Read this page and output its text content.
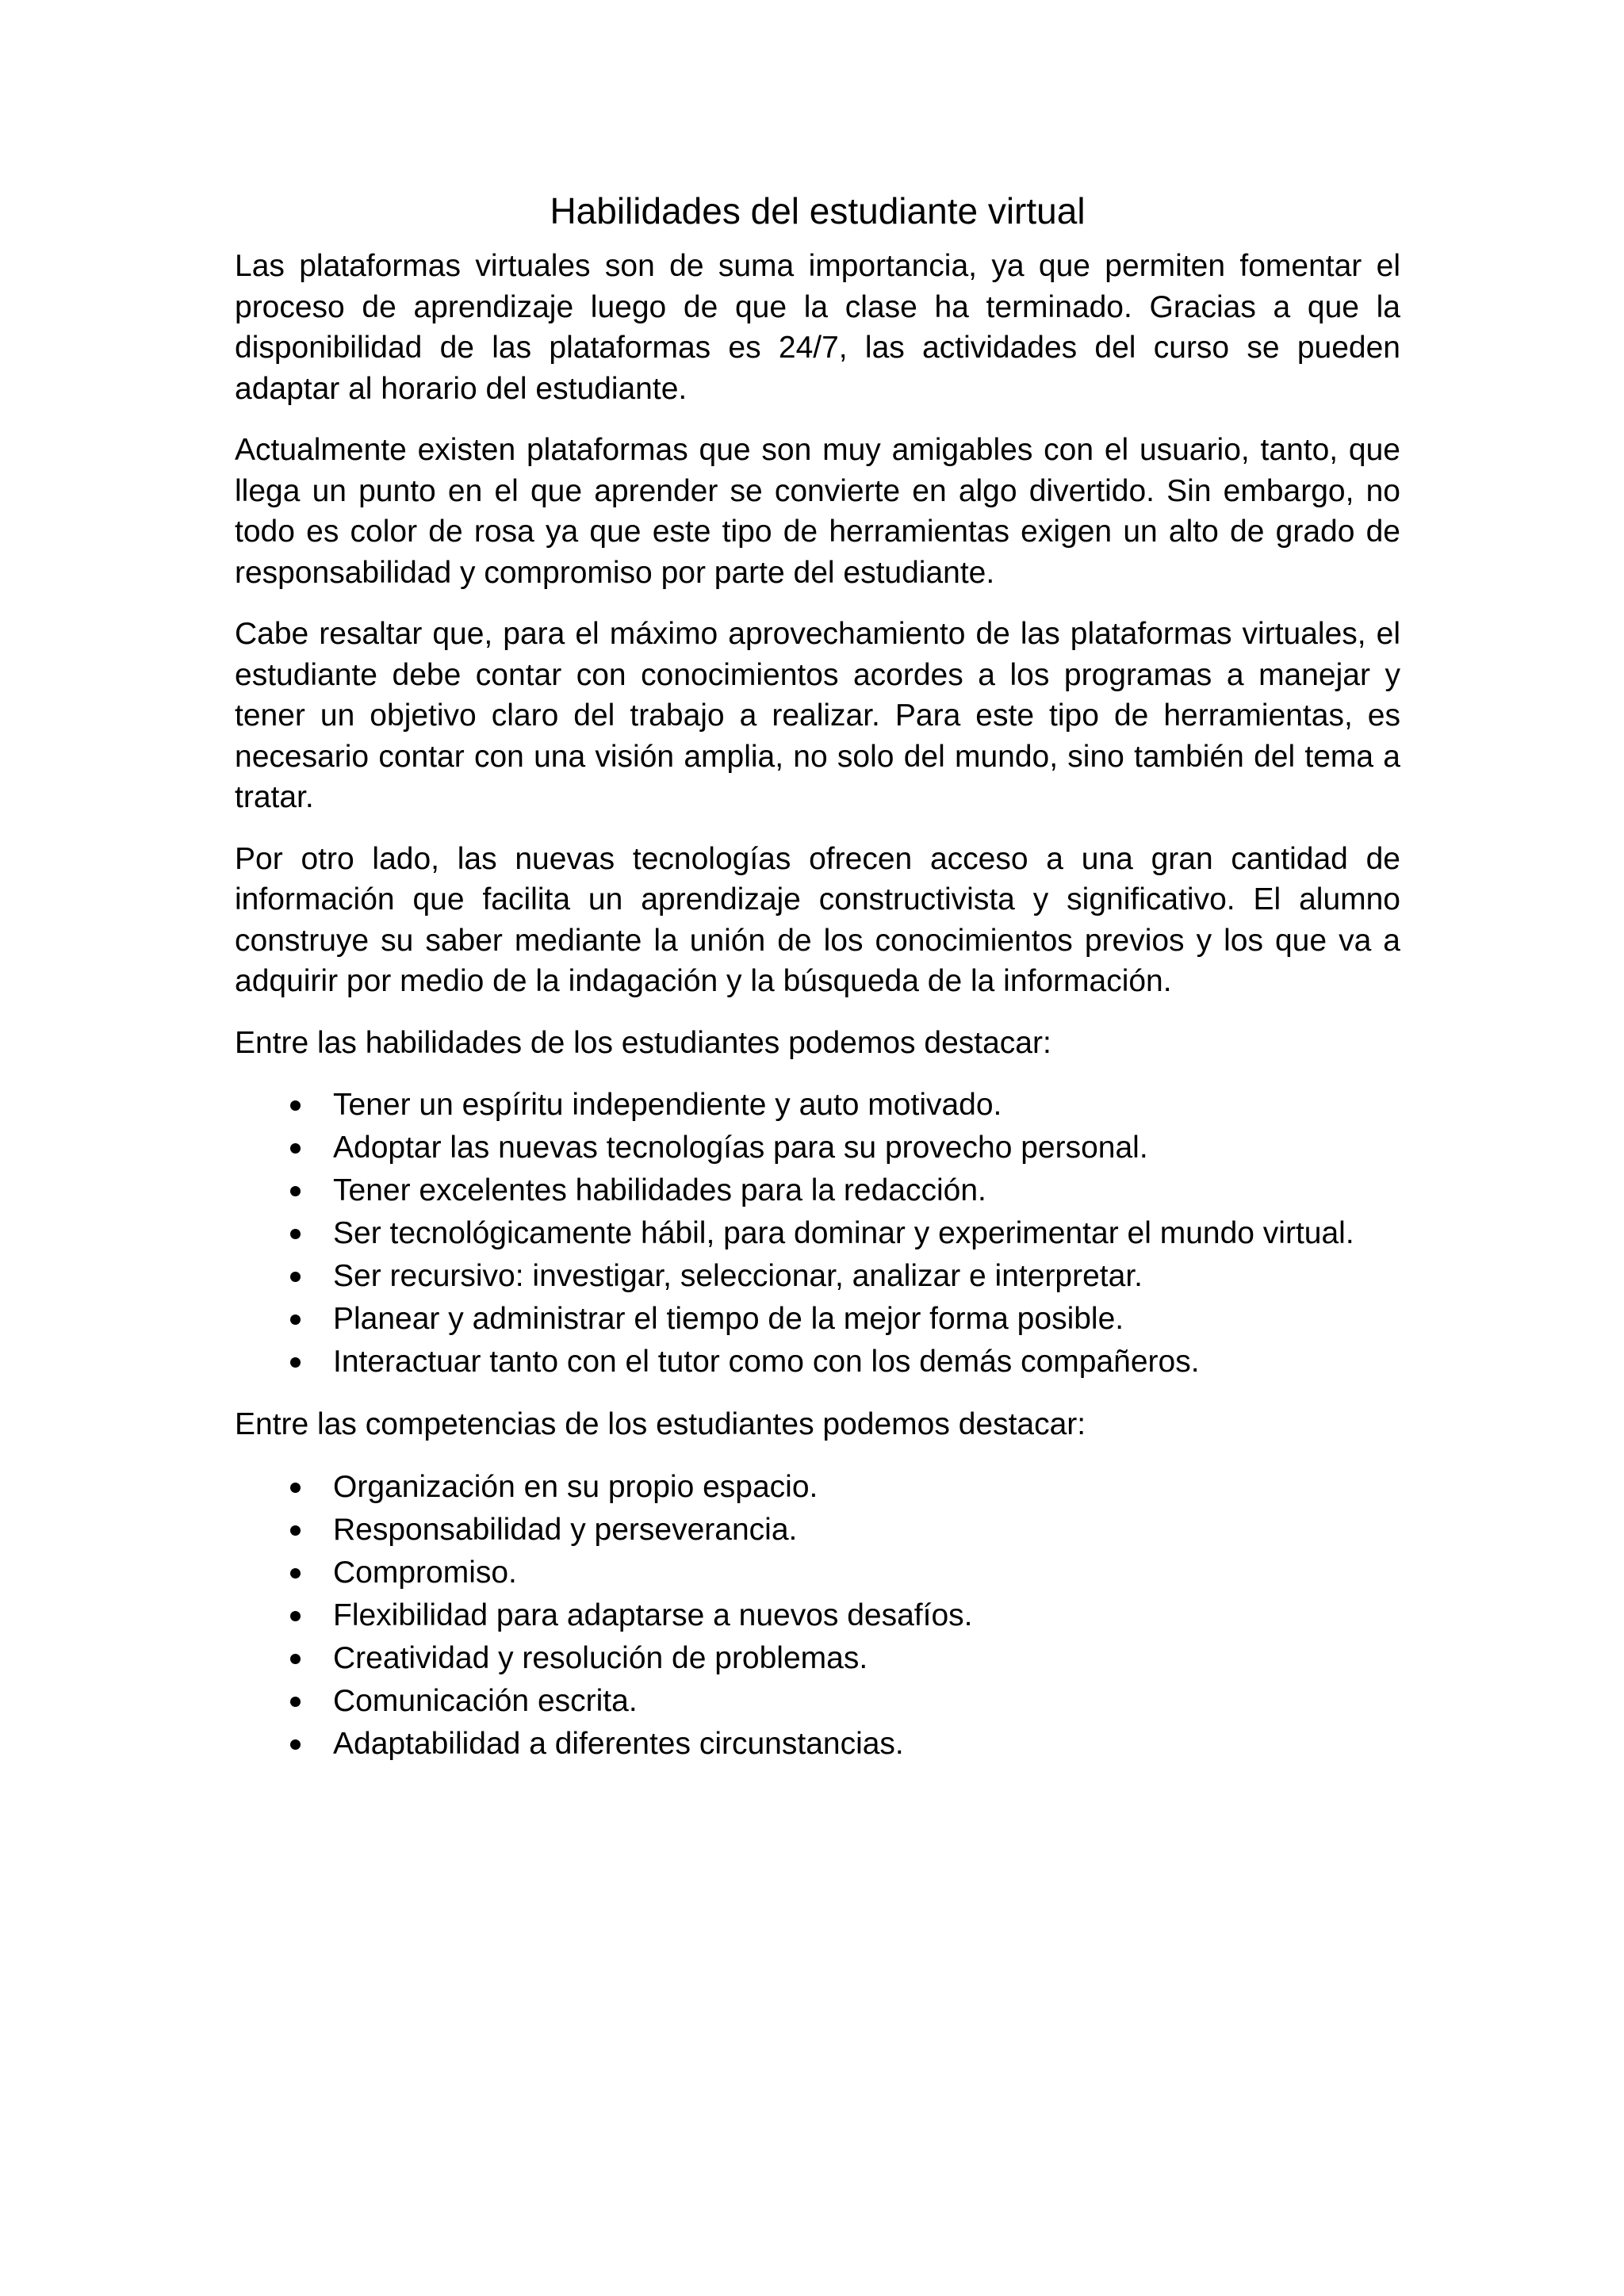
Habilidades del estudiante virtual

Las plataformas virtuales son de suma importancia, ya que permiten fomentar el proceso de aprendizaje luego de que la clase ha terminado. Gracias a que la disponibilidad de las plataformas es 24/7, las actividades del curso se pueden adaptar al horario del estudiante.

Actualmente existen plataformas que son muy amigables con el usuario, tanto, que llega un punto en el que aprender se convierte en algo divertido. Sin embargo, no todo es color de rosa ya que este tipo de herramientas exigen un alto de grado de responsabilidad y compromiso por parte del estudiante.

Cabe resaltar que, para el máximo aprovechamiento de las plataformas virtuales, el estudiante debe contar con conocimientos acordes a los programas a manejar y tener un objetivo claro del trabajo a realizar. Para este tipo de herramientas, es necesario contar con una visión amplia, no solo del mundo, sino también del tema a tratar.

Por otro lado, las nuevas tecnologías ofrecen acceso a una gran cantidad de información que facilita un aprendizaje constructivista y significativo. El alumno construye su saber mediante la unión de los conocimientos previos y los que va a adquirir por medio de la indagación y la búsqueda de la información.

Entre las habilidades de los estudiantes podemos destacar:

Tener un espíritu independiente y auto motivado.
Adoptar las nuevas tecnologías para su provecho personal.
Tener excelentes habilidades para la redacción.
Ser tecnológicamente hábil, para dominar y experimentar el mundo virtual.
Ser recursivo: investigar, seleccionar, analizar e interpretar.
Planear y administrar el tiempo de la mejor forma posible.
Interactuar tanto con el tutor como con los demás compañeros.

Entre las competencias de los estudiantes podemos destacar:

Organización en su propio espacio.
Responsabilidad y perseverancia.
Compromiso.
Flexibilidad para adaptarse a nuevos desafíos.
Creatividad y resolución de problemas.
Comunicación escrita.
Adaptabilidad a diferentes circunstancias.
